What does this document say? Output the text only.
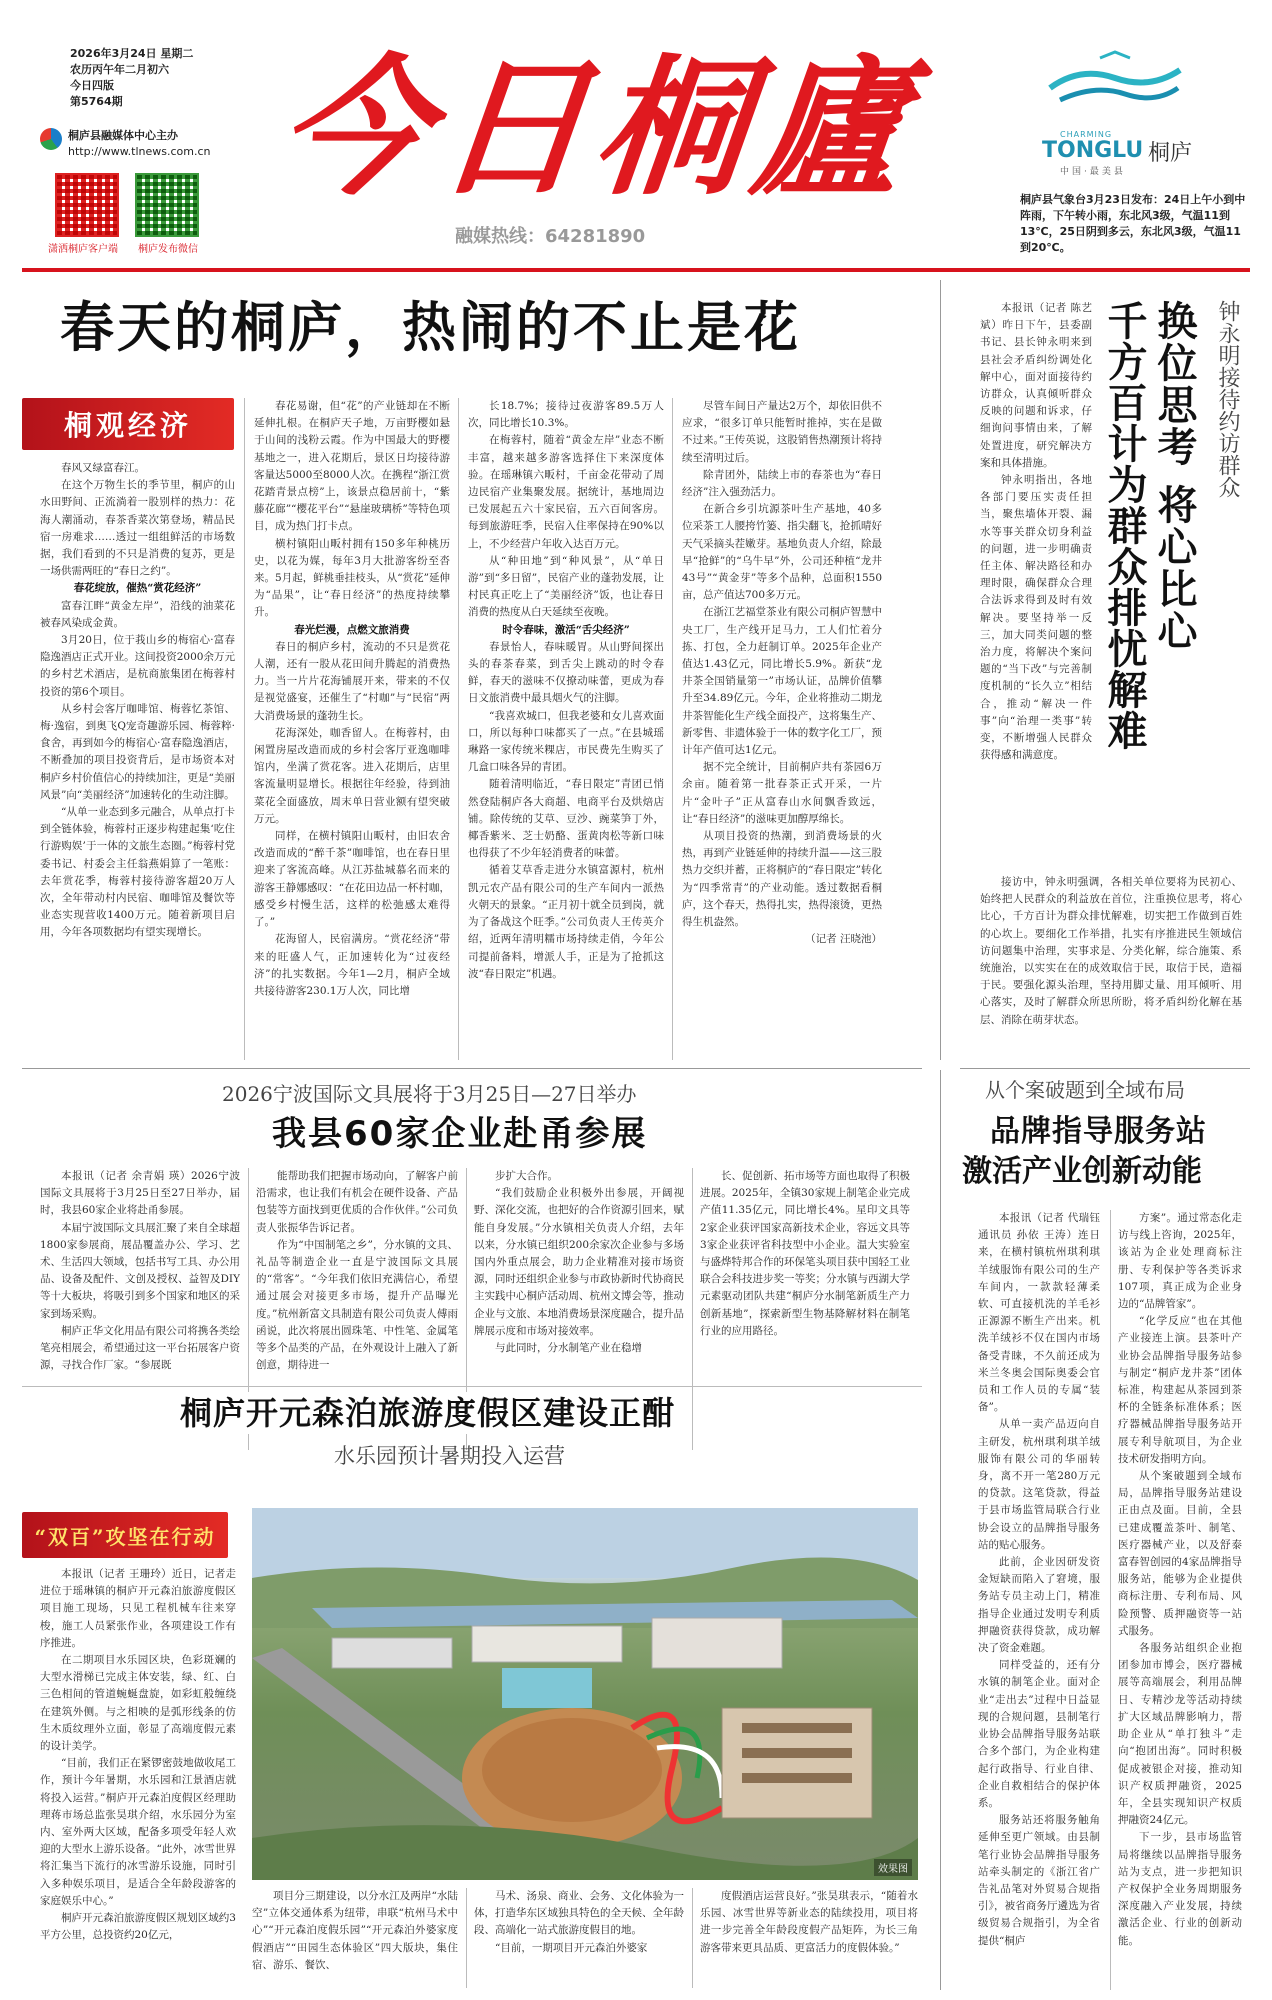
2026年3月24日 星期二
农历丙午年二月初六
今日四版
第5764期
桐庐县融媒体中心主办
http://www.tlnews.com.cn
潇洒桐庐客户端 桐庐发布微信
今日桐廬
融媒热线：64281890
CHARMING
TONGLU 桐庐
中国·最美县
桐庐县气象台3月23日发布：24日上午小到中阵雨，下午转小雨，东北风3级，气温11到13℃，25日阴到多云，东北风3级，气温11到20℃。
春天的桐庐，热闹的不止是花
桐观经济

春风又绿富春江。

在这个万物生长的季节里，桐庐的山水田野间、正流淌着一股别样的热力：花海人潮涌动，春茶香菜次第登场，精品民宿一房难求……透过一组组鲜活的市场数据，我们看到的不只是消费的复苏，更是一场供需两旺的“春日之约”。

春花绽放，催热“赏花经济”

富春江畔“黄金左岸”，沿线的油菜花被春风染成金黄。

3月20日，位于莪山乡的梅宿心·富春隐逸酒店正式开业。这间投资2000余万元的乡村艺术酒店，是杭商旅集团在梅蓉村投资的第6个项目。

从乡村会客厅咖啡馆、梅蓉忆茶馆、梅·逸宿，到奥飞Q宠奇趣游乐园、梅蓉粹·食舍，再到如今的梅宿心·富春隐逸酒店，不断叠加的项目投资背后，是市场资本对桐庐乡村价值信心的持续加注，更是“美丽风景”向“美丽经济”加速转化的生动注脚。

“从单一业态到多元融合，从单点打卡到全链体验，梅蓉村正逐步构建起集‘吃住行游购娱’于一体的文旅生态圈。”梅蓉村党委书记、村委会主任翁燕娟算了一笔账：去年赏花季，梅蓉村接待游客超20万人次，全年带动村内民宿、咖啡馆及餐饮等业态实现营收1400万元。随着新项目启用，今年各项数据均有望实现增长。

春花易谢，但“花”的产业链却在不断延伸扎根。在桐庐天子地，万亩野樱如悬于山间的浅粉云霞。作为中国最大的野樱基地之一，进入花期后，景区日均接待游客量达5000至8000人次。在携程“浙江赏花踏青景点榜”上，该景点稳居前十，“紫藤花廊”“樱花平台”“悬崖玻璃桥”等特色项目，成为热门打卡点。

横村镇阳山畈村拥有150多年种桃历史，以花为媒，每年3月大批游客纷至沓来。5月起，鲜桃垂挂枝头，从“赏花”延伸为“品果”，让“春日经济”的热度持续攀升。

春光烂漫，点燃文旅消费

春日的桐庐乡村，流动的不只是赏花人潮，还有一股从花田间升腾起的消费热力。当一片片花海铺展开来，带来的不仅是视觉盛宴，还催生了“村咖”与“民宿”两大消费场景的蓬勃生长。

花海深处，咖香留人。在梅蓉村，由闲置房屋改造而成的乡村会客厅亚逸咖啡馆内，坐满了赏花客。进入花期后，店里客流量明显增长。根据往年经验，待到油菜花全面盛放，周末单日营业额有望突破万元。

同样，在横村镇阳山畈村，由旧农舍改造而成的“醉千茶”咖啡馆，也在春日里迎来了客流高峰。从江苏盐城慕名而来的游客王静娜感叹：“在花田边品一杯村咖，感受乡村慢生活，这样的松弛感太难得了。”

花海留人，民宿满房。“赏花经济”带来的旺盛人气，正加速转化为“过夜经济”的扎实数据。今年1—2月，桐庐全域共接待游客230.1万人次，同比增

长18.7%；接待过夜游客89.5万人次，同比增长10.3%。

在梅蓉村，随着“黄金左岸”业态不断丰富，越来越多游客选择住下来深度体验。在瑶琳镇六畈村，千亩金花带动了周边民宿产业集聚发展。据统计，基地周边已发展起五六十家民宿，五六百间客房。每到旅游旺季，民宿入住率保持在90%以上，不少经营户年收入达百万元。

从“种田地”到“种风景”，从“单日游”到“多日留”，民宿产业的蓬勃发展，让村民真正吃上了“美丽经济”饭，也让春日消费的热度从白天延续至夜晚。

时令春味，激活“舌尖经济”

春景怡人，春味暖胃。从山野间探出头的春茶春菜，到舌尖上跳动的时令春鲜，春天的滋味不仅撩动味蕾，更成为春日文旅消费中最具烟火气的注脚。

“我喜欢城口，但我老婆和女儿喜欢面口，所以每种口味都买了一点。”在县城瑶琳路一家传统米粿店，市民费先生购买了几盒口味各异的青团。

随着清明临近，“春日限定”青团已悄然登陆桐庐各大商超、电商平台及烘焙店铺。除传统的艾草、豆沙、豌菜笋丁外，椰香紫米、芝士奶酪、蛋黄肉松等新口味也得获了不少年轻消费者的味蕾。

循着艾草香走进分水镇富源村，杭州凯元农产品有限公司的生产车间内一派热火朝天的景象。“正月初十就全员到岗，就为了备战这个旺季。”公司负责人王传英介绍，近两年清明糯市场持续走俏，今年公司提前备料，增派人手，正是为了抢抓这波“春日限定”机遇。

尽管车间日产量达2万个，却依旧供不应求，“很多订单只能暂时推掉，实在是做不过来。”王传英说，这股销售热潮预计将持续至清明过后。

除青团外，陆续上市的春茶也为“春日经济”注入强劲活力。

在新合乡引坑源茶叶生产基地，40多位采茶工人腰挎竹篓、指尖翻飞，抢抓晴好天气采摘头茬嫩芽。基地负责人介绍，除最早“抢鲜”的“乌牛早”外，公司还种植“龙井43号”“黄金芽”等多个品种，总面积1550亩，总产值达700多万元。

在浙江艺福堂茶业有限公司桐庐智慧中央工厂，生产线开足马力，工人们忙着分拣、打包，全力赶制订单。2025年企业产值达1.43亿元，同比增长5.9%。新获“龙井茶全国销量第一”市场认证，品牌价值攀升至34.89亿元。今年，企业将推动二期龙井茶智能化生产线全面投产，这将集生产、新零售、非遗体验于一体的数字化工厂，预计年产值可达1亿元。

据不完全统计，目前桐庐共有茶园6万余亩。随着第一批春茶正式开采，一片片“金叶子”正从富春山水间飘香致远，让“春日经济”的滋味更加醇厚绵长。

从项目投资的热潮，到消费场景的火热，再到产业链延伸的持续升温——这三股热力交织并蓄，正将桐庐的“春日限定”转化为“四季常青”的产业动能。透过数据看桐庐，这个春天，热得扎实，热得滚烫，更热得生机盎然。

（记者 汪晓池）

钟永明接待约访群众
换位思考 将心比心
千方百计为群众排忧解难

本报讯（记者 陈艺斌）昨日下午，县委副书记、县长钟永明来到县社会矛盾纠纷调处化解中心，面对面接待约访群众，认真倾听群众反映的问题和诉求，仔细询问事情由来，了解处置进度，研究解决方案和具体措施。

钟永明指出，各地各部门要压实责任担当，聚焦墙体开裂、漏水等事关群众切身利益的问题，进一步明确责任主体、解决路径和办理时限，确保群众合理合法诉求得到及时有效解决。要坚持举一反三，加大同类问题的整治力度，将解决个案问题的“当下改”与完善制度机制的“长久立”相结合，推动“解决一件事”向“治理一类事”转变，不断增强人民群众获得感和满意度。

接访中，钟永明强调，各相关单位要将为民初心、始终把人民群众的利益放在首位，注重换位思考，将心比心，千方百计为群众排忧解难，切实把工作做到百姓的心坎上。要细化工作举措，扎实有序推进民生领域信访问题集中治理，实事求是、分类化解，综合施策、系统施治，以实实在在的成效取信于民，取信于民，造福于民。要强化源头治理，坚持用脚丈量、用耳倾听、用心落实，及时了解群众所思所盼，将矛盾纠纷化解在基层、消除在萌芽状态。

2026宁波国际文具展将于3月25日—27日举办
我县60家企业赴甬参展

本报讯（记者 余青娟 瑛）2026宁波国际文具展将于3月25日至27日举办，届时，我县60家企业将赴甬参展。

本届宁波国际文具展汇聚了来自全球超1800家参展商，展品覆盖办公、学习、艺术、生活四大领域，包括书写工具、办公用品、设备及配件、文创及授权、益智及DIY等十大板块，将吸引到多个国家和地区的采家到场采购。

桐庐正华文化用品有限公司将携各类绘笔亮相展会，希望通过这一平台拓展客户资源，寻找合作厂家。“参展既

能帮助我们把握市场动向，了解客户前沿需求，也让我们有机会在硬件设备、产品包装等方面找到更优质的合作伙伴。”公司负责人张振华告诉记者。

作为“中国制笔之乡”，分水镇的文具、礼品等制造企业一直是宁波国际文具展的“常客”。“今年我们依旧充满信心，希望通过展会对接更多市场，提升产品曝光度。”杭州新富文具制造有限公司负责人傅雨函说，此次将展出圆珠笔、中性笔、金属笔等多个品类的产品，在外观设计上融入了新创意，期待进一

步扩大合作。

“我们鼓励企业积极外出参展，开阔视野、深化交流，也把好的合作资源引回来，赋能自身发展。”分水镇相关负责人介绍，去年以来，分水镇已组织200余家次企业参与多场国内外重点展会，助力企业精准对接市场资源，同时还组织企业参与市政协新时代协商民主实践中心桐庐活动周、杭州文博会等，推动企业与文旅、本地消费场景深度融合，提升品牌展示度和市场对接效率。

与此同时，分水制笔产业在稳增

长、促创新、拓市场等方面也取得了积极进展。2025年，全镇30家规上制笔企业完成产值11.35亿元，同比增长4%。星印文具等2家企业获评国家高新技术企业，容远文具等3家企业获评省科技型中小企业。温大实验室与盛烨特邦合作的环保笔头项目获中国轻工业联合会科技进步奖一等奖；分水镇与西湖大学元素驱动团队共建“桐庐分水制笔新质生产力创新基地”，探索新型生物基降解材料在制笔行业的应用路径。

桐庐开元森泊旅游度假区建设正酣
水乐园预计暑期投入运营
“双百”攻坚在行动

本报讯（记者 王珊玲）近日，记者走进位于瑶琳镇的桐庐开元森泊旅游度假区项目施工现场，只见工程机械车往来穿梭，施工人员紧张作业，各项建设工作有序推进。

在二期项目水乐园区块，色彩斑斓的大型水滑梯已完成主体安装，绿、红、白三色相间的管道蜿蜒盘旋，如彩虹般缠绕在建筑外侧。与之相映的是弧形线条的仿生木质纹理外立面，彰显了高端度假元素的设计美学。

“目前，我们正在紧锣密鼓地做收尾工作，预计今年暑期，水乐园和江景酒店就将投入运营。”桐庐开元森泊度假区经理助理蒋市场总监张昊琪介绍，水乐园分为室内、室外两大区域，配备多项受年轻人欢迎的大型水上游乐设备。“此外，冰雪世界将汇集当下流行的冰雪游乐设施，同时引入多种娱乐项目，是适合全年龄段游客的家庭娱乐中心。”

桐庐开元森泊旅游度假区规划区域约3平方公里，总投资约20亿元，

效果图

项目分三期建设，以分水江及两岸“水陆空”立体交通体系为纽带，串联“杭州马术中心”“开元森泊度假乐园”“开元森泊外婆家度假酒店”“田园生态体验区”四大版块，集住宿、游乐、餐饮、

马术、汤泉、商业、会务、文化体验为一体，打造华东区域独具特色的全天候、全年龄段、高端化一站式旅游度假目的地。

“目前，一期项目开元森泊外婆家

度假酒店运营良好。”张昊琪表示，“随着水乐园、冰雪世界等新业态的陆续投用，项目将进一步完善全年龄段度假产品矩阵，为长三角游客带来更具品质、更富活力的度假体验。”

从个案破题到全域布局
品牌指导服务站
激活产业创新动能

本报讯（记者 代瑞钰 通讯员 孙依 王涛）连日来，在横村镇杭州琪利琪羊绒服饰有限公司的生产车间内，一款款轻薄柔软、可直接机洗的羊毛衫正源源不断生产出来。机洗羊绒衫不仅在国内市场备受青睐，不久前还成为米兰冬奥会国际奥委会官员和工作人员的专属“装备”。

从单一卖产品迈向自主研发，杭州琪利琪羊绒服饰有限公司的华丽转身，离不开一笔280万元的贷款。这笔贷款，得益于县市场监管局联合行业协会设立的品牌指导服务站的贴心服务。

此前，企业因研发资金短缺而陷入了窘境，服务站专员主动上门，精准指导企业通过发明专利质押融资获得贷款，成功解决了资金难题。

同样受益的，还有分水镇的制笔企业。面对企业“走出去”过程中日益显现的合规问题，县制笔行业协会品牌指导服务站联合多个部门，为企业构建起行政指导、行业自律、企业自救相结合的保护体系。

服务站还将服务触角延伸至更广领域。由县制笔行业协会品牌指导服务站牵头制定的《浙江省广告礼品笔对外贸易合规指引》，被省商务厅遴选为省级贸易合规指引，为全省提供“桐庐

方案”。通过常态化走访与线上咨询，2025年，该站为企业处理商标注册、专利保护等各类诉求107项，真正成为企业身边的“品牌管家”。

“化学反应”也在其他产业接连上演。县茶叶产业协会品牌指导服务站参与制定“桐庐龙井茶”团体标准，构建起从茶园到茶杯的全链条标准体系；医疗器械品牌指导服务站开展专利导航项目，为企业技术研发指明方向。

从个案破题到全域布局，品牌指导服务站建设正由点及面。目前，全县已建成覆盖茶叶、制笔、医疗器械产业，以及舒泰富春智创园的4家品牌指导服务站，能够为企业提供商标注册、专利布局、风险预警、质押融资等一站式服务。

各服务站组织企业抱团参加市博会，医疗器械展等高端展会，利用品牌日、专精沙龙等活动持续扩大区域品牌影响力，帮助企业从“单打独斗”走向“抱团出海”。同时积极促成被银企对接，推动知识产权质押融资，2025年，全县实现知识产权质押融资24亿元。

下一步，县市场监管局将继续以品牌指导服务站为支点，进一步把知识产权保护全业务周期服务深度融入产业发展，持续激活企业、行业的创新动能。
